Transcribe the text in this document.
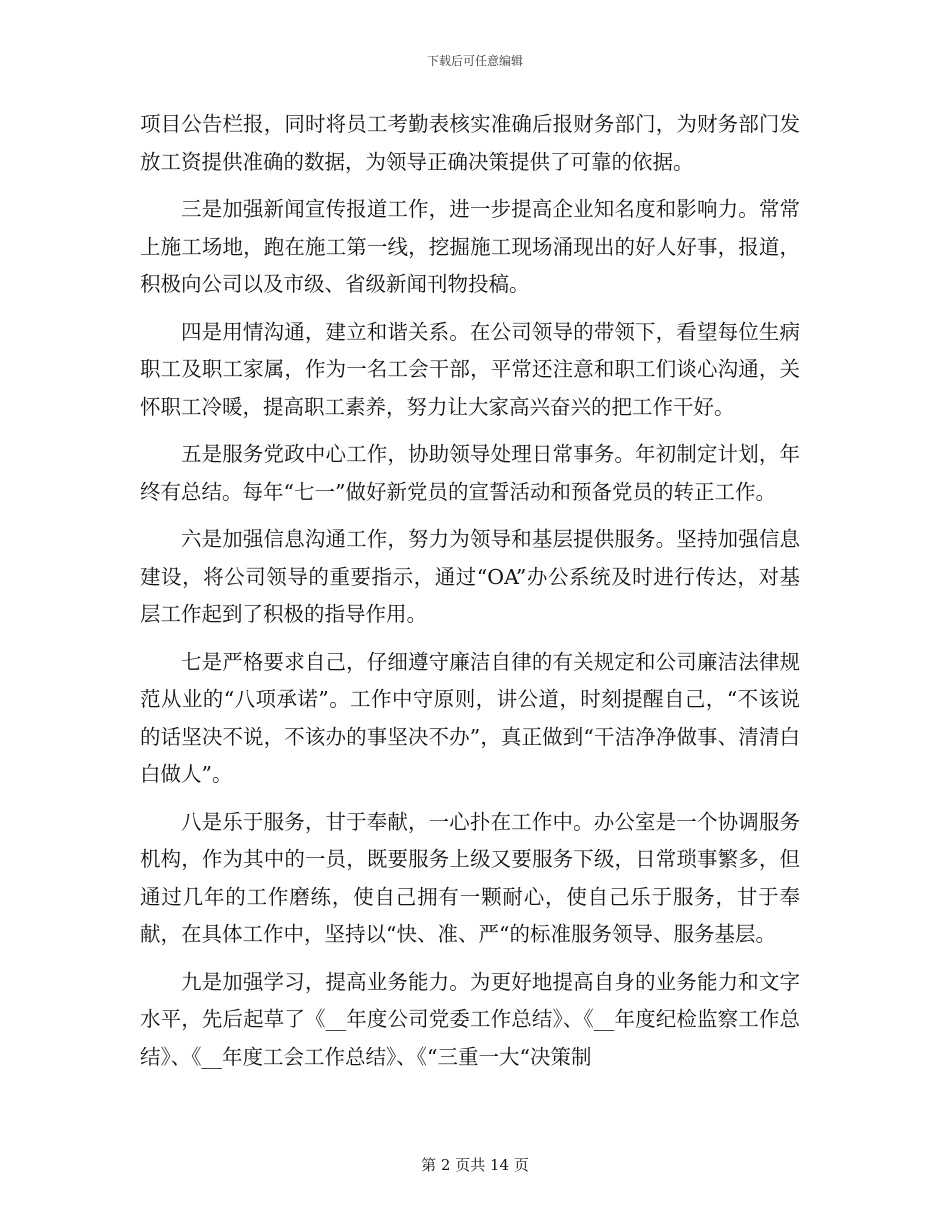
下载后可任意编辑

项目公告栏报，同时将员工考勤表核实准确后报财务部门，为财务部门发放工资提供准确的数据，为领导正确决策提供了可靠的依据。

三是加强新闻宣传报道工作，进一步提高企业知名度和影响力。常常上施工场地，跑在施工第一线，挖掘施工现场涌现出的好人好事，报道，积极向公司以及市级、省级新闻刊物投稿。

四是用情沟通，建立和谐关系。在公司领导的带领下，看望每位生病职工及职工家属，作为一名工会干部，平常还注意和职工们谈心沟通，关怀职工冷暖，提高职工素养，努力让大家高兴奋兴的把工作干好。

五是服务党政中心工作，协助领导处理日常事务。年初制定计划，年终有总结。每年“七一”做好新党员的宣誓活动和预备党员的转正工作。

六是加强信息沟通工作，努力为领导和基层提供服务。坚持加强信息建设，将公司领导的重要指示，通过“OA”办公系统及时进行传达，对基层工作起到了积极的指导作用。

七是严格要求自己，仔细遵守廉洁自律的有关规定和公司廉洁法律规范从业的“八项承诺”。工作中守原则，讲公道，时刻提醒自己，“不该说的话坚决不说，不该办的事坚决不办”，真正做到“干洁净净做事、清清白白做人”。

八是乐于服务，甘于奉献，一心扑在工作中。办公室是一个协调服务机构，作为其中的一员，既要服务上级又要服务下级，日常琐事繁多，但通过几年的工作磨练，使自己拥有一颗耐心，使自己乐于服务，甘于奉献，在具体工作中，坚持以“快、准、严“的标准服务领导、服务基层。

九是加强学习，提高业务能力。为更好地提高自身的业务能力和文字水平，先后起草了《__年度公司党委工作总结》、《__年度纪检监察工作总结》、《__年度工会工作总结》、《“三重一大“决策制

第 2 页共 14 页
